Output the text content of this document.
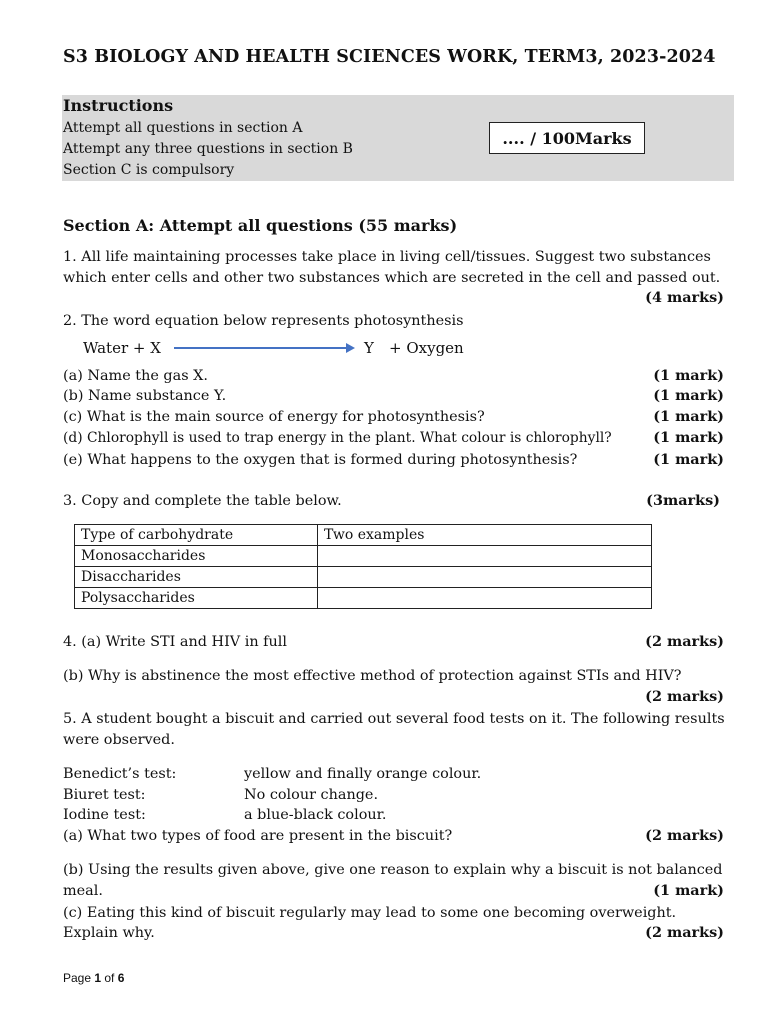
S3 BIOLOGY AND HEALTH SCIENCES WORK, TERM3, 2023-2024
Instructions
Attempt all questions in section A
Attempt any three questions in section B
Section C is compulsory
.... / 100Marks
Section A: Attempt all questions (55 marks)
1. All life maintaining processes take place in living cell/tissues. Suggest two substances
which enter cells and other two substances which are secreted in the cell and passed out.
(4 marks)
2. The word equation below represents photosynthesis
Water + X	Y + Oxygen
(a) Name the gas X.	(1 mark)
(b) Name substance Y.	(1 mark)
(c) What is the main source of energy for photosynthesis?	(1 mark)
(d) Chlorophyll is used to trap energy in the plant. What colour is chlorophyll?	(1 mark)
(e) What happens to the oxygen that is formed during photosynthesis?	(1 mark)
3. Copy and complete the table below.	(3marks)
Type of carbohydrate	Two examples
Monosaccharides	
Disaccharides	
Polysaccharides	
4. (a) Write STI and HIV in full	(2 marks)
(b) Why is abstinence the most effective method of protection against STIs and HIV?
(2 marks)
5. A student bought a biscuit and carried out several food tests on it. The following results
were observed.
Benedict’s test:	yellow and finally orange colour.
Biuret test:	No colour change.
Iodine test:	a blue-black colour.
(a) What two types of food are present in the biscuit?	(2 marks)
(b) Using the results given above, give one reason to explain why a biscuit is not balanced
meal.	(1 mark)
(c) Eating this kind of biscuit regularly may lead to some one becoming overweight.
Explain why.	(2 marks)
Page 1 of 6
